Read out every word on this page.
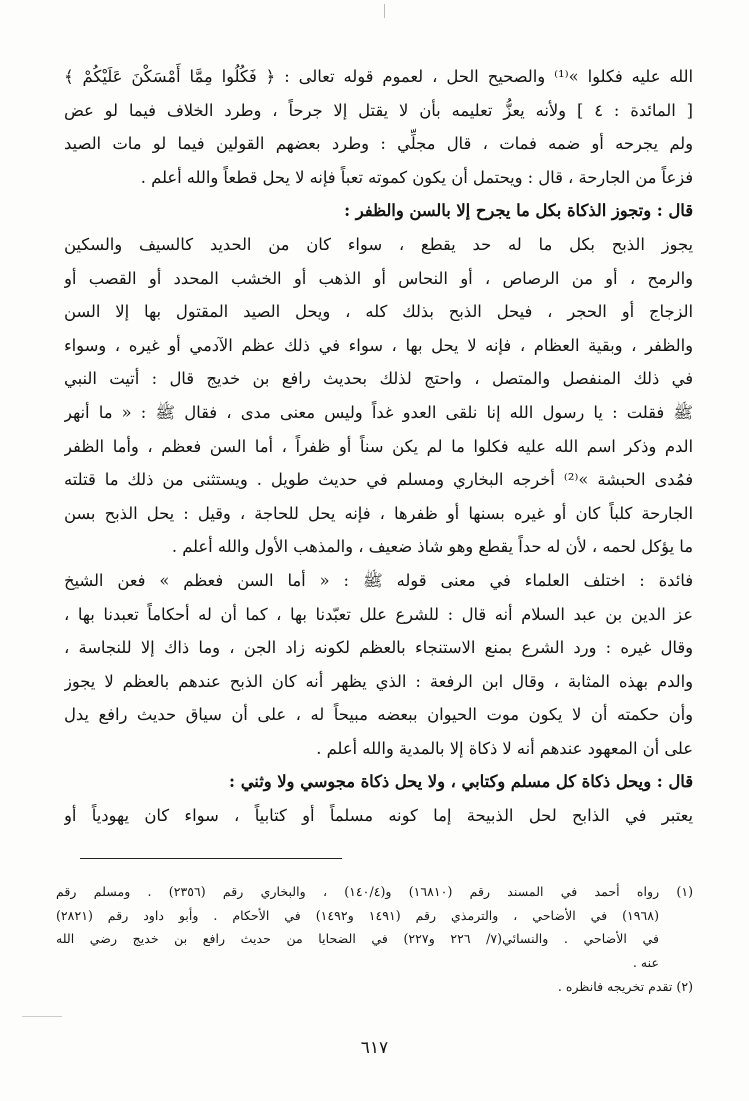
الله عليه فكلوا »⁽¹⁾ والصحيح الحل ، لعموم قوله تعالى : ﴿ فَكُلُوا مِمَّا أَمْسَكْنَ عَلَيْكُمْ ﴾
[ المائدة : ٤ ] ولأنه يعزُّ تعليمه بأن لا يقتل إلا جرحاً ، وطرد الخلاف فيما لو عض
ولم يجرحه أو ضمه فمات ، قال مجلِّي : وطرد بعضهم القولين فيما لو مات الصيد
فزعاً من الجارحة ، قال : ويحتمل أن يكون كموته تعباً فإنه لا يحل قطعاً والله أعلم .
قال : وتجوز الذكاة بكل ما يجرح إلا بالسن والظفر :
يجوز الذبح بكل ما له حد يقطع ، سواء كان من الحديد كالسيف والسكين
والرمح ، أو من الرصاص ، أو النحاس أو الذهب أو الخشب المحدد أو القصب أو
الزجاج أو الحجر ، فيحل الذبح بذلك كله ، ويحل الصيد المقتول بها إلا السن
والظفر ، وبقية العظام ، فإنه لا يحل بها ، سواء في ذلك عظم الآدمي أو غيره ، وسواء
في ذلك المنفصل والمتصل ، واحتج لذلك بحديث رافع بن خديج قال : أتيت النبي
ﷺ فقلت : يا رسول الله إنا نلقى العدو غداً وليس معنى مدى ، فقال ﷺ : « ما أنهر
الدم وذكر اسم الله عليه فكلوا ما لم يكن سناً أو ظفراً ، أما السن فعظم ، وأما الظفر
فمُدى الحبشة »⁽²⁾ أخرجه البخاري ومسلم في حديث طويل . ويستثنى من ذلك ما قتلته
الجارحة كلباً كان أو غيره بسنها أو ظفرها ، فإنه يحل للحاجة ، وقيل : يحل الذبح بسن
ما يؤكل لحمه ، لأن له حداً يقطع وهو شاذ ضعيف ، والمذهب الأول والله أعلم .
فائدة : اختلف العلماء في معنى قوله ﷺ : « أما السن فعظم » فعن الشيخ
عز الدين بن عبد السلام أنه قال : للشرع علل تعبّدنا بها ، كما أن له أحكاماً تعبدنا بها ،
وقال غيره : ورد الشرع بمنع الاستنجاء بالعظم لكونه زاد الجن ، وما ذاك إلا للنجاسة ،
والدم بهذه المثابة ، وقال ابن الرفعة : الذي يظهر أنه كان الذبح عندهم بالعظم لا يجوز
وأن حكمته أن لا يكون موت الحيوان ببعضه مبيحاً له ، على أن سياق حديث رافع يدل
على أن المعهود عندهم أنه لا ذكاة إلا بالمدية والله أعلم .
قال : ويحل ذكاة كل مسلم وكتابي ، ولا يحل ذكاة مجوسي ولا وثني :
يعتبر في الذابح لحل الذبيحة إما كونه مسلماً أو كتابياً ، سواء كان يهودياً أو
(١) رواه أحمد في المسند رقم (١٦٨١٠) و(١٤٠/٤) ، والبخاري رقم (٢٣٥٦) . ومسلم رقم
(١٩٦٨) في الأضاحي ، والترمذي رقم (١٤٩١ و١٤٩٢) في الأحكام . وأبو داود رقم (٢٨٢١)
في الأضاحي . والنسائي(٧/ ٢٢٦ و٢٢٧) في الضحايا من حديث رافع بن خديج رضي الله
عنه .
(٢) تقدم تخريجه فانظره .
٦١٧
